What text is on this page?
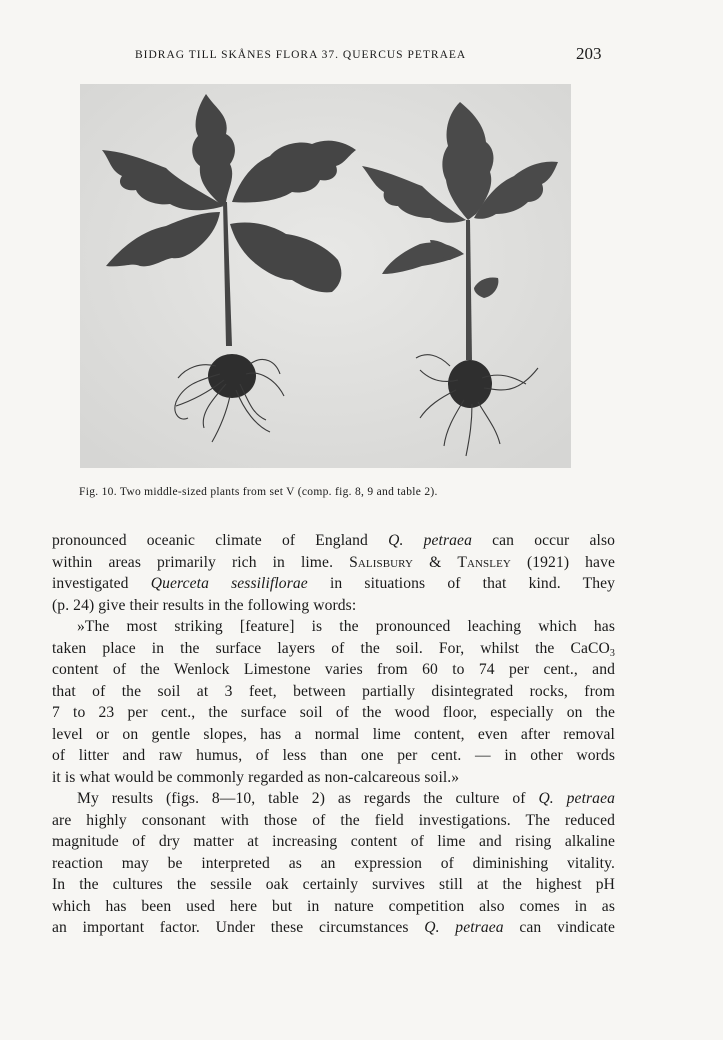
BIDRAG TILL SKÅNES FLORA 37. QUERCUS PETRAEA	203
Fig. 10. Two middle-sized plants from set V (comp. fig. 8, 9 and table 2).

pronounced oceanic climate of England Q. petraea can occur also
within areas primarily rich in lime. Salisbury & Tansley (1921) have
investigated Querceta sessiliflorae in situations of that kind. They
(p. 24) give their results in the following words:

»The most striking [feature] is the pronounced leaching which has
taken place in the surface layers of the soil. For, whilst the CaCO$_3$
content of the Wenlock Limestone varies from 60 to 74 per cent., and
that of the soil at 3 feet, between partially disintegrated rocks, from
7 to 23 per cent., the surface soil of the wood floor, especially on the
level or on gentle slopes, has a normal lime content, even after removal
of litter and raw humus, of less than one per cent. — in other words
it is what would be commonly regarded as non-calcareous soil.»

My results (figs. 8—10, table 2) as regards the culture of Q. petraea
are highly consonant with those of the field investigations. The reduced
magnitude of dry matter at increasing content of lime and rising alkaline
reaction may be interpreted as an expression of diminishing vitality.
In the cultures the sessile oak certainly survives still at the highest pH
which has been used here but in nature competition also comes in as
an important factor. Under these circumstances Q. petraea can vindicate
